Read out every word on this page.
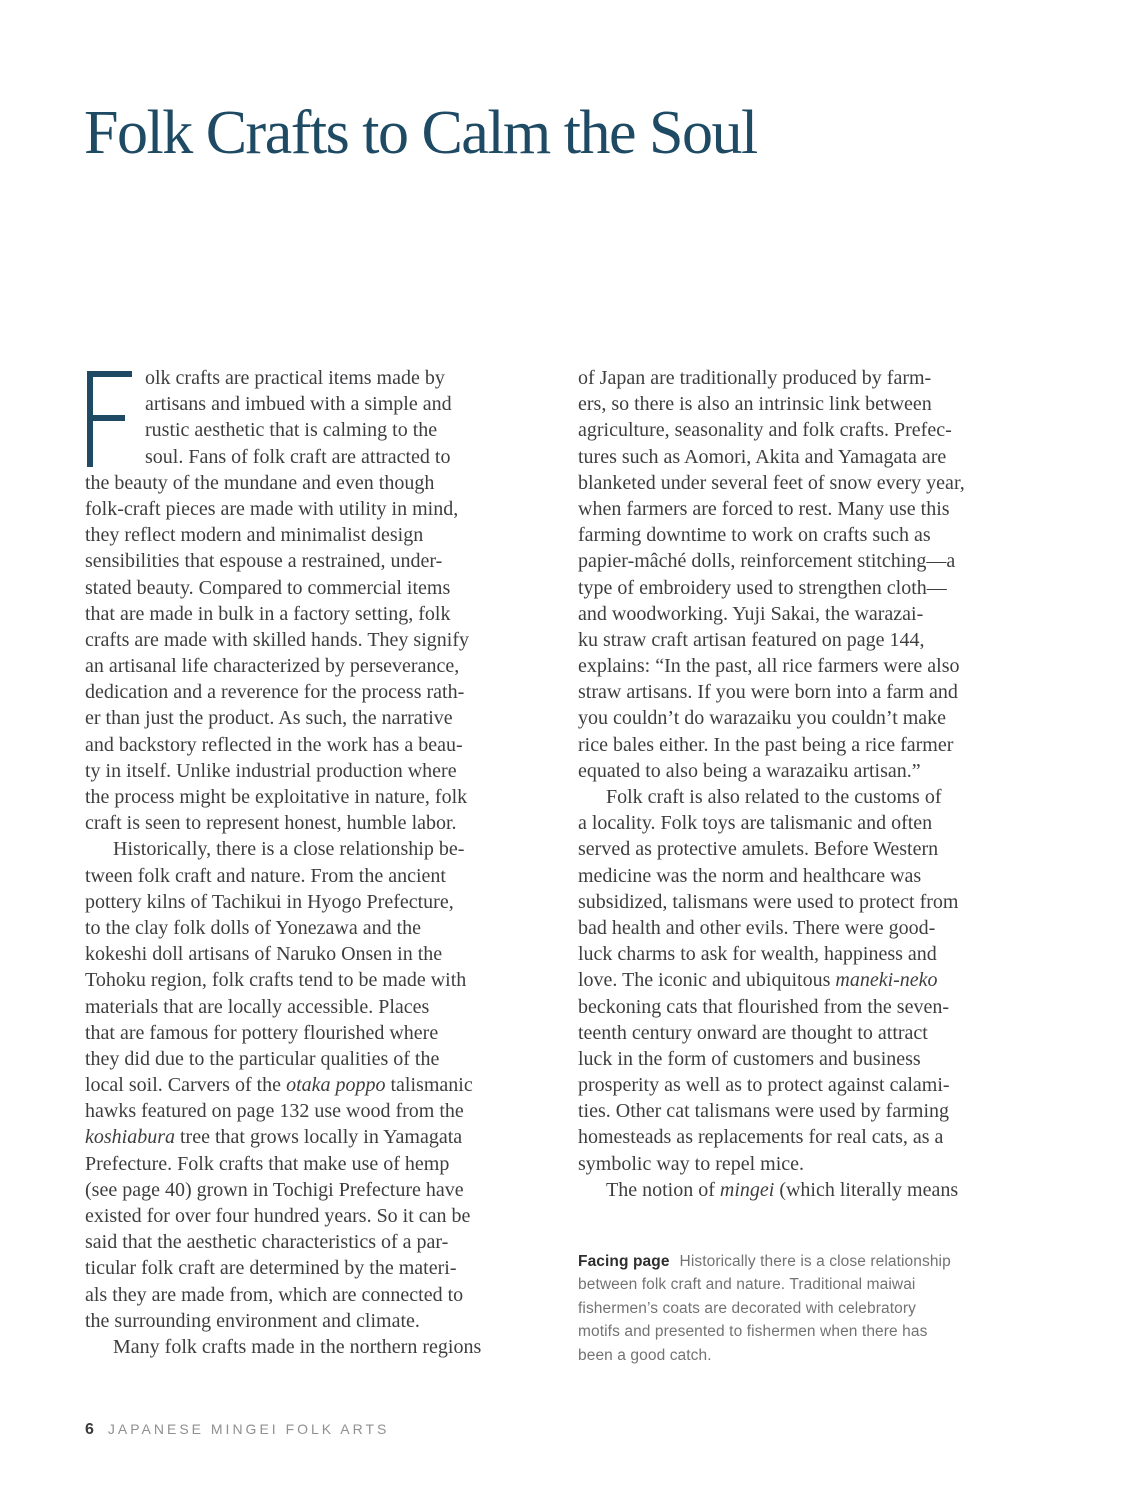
Folk Crafts to Calm the Soul
olk crafts are practical items made by
artisans and imbued with a simple and
rustic aesthetic that is calming to the
soul. Fans of folk craft are attracted to
the beauty of the mundane and even though
folk-craft pieces are made with utility in mind,
they reflect modern and minimalist design
sensibilities that espouse a restrained, under-
stated beauty. Compared to commercial items
that are made in bulk in a factory setting, folk
crafts are made with skilled hands. They signify
an artisanal life characterized by perseverance,
dedication and a reverence for the process rath-
er than just the product. As such, the narrative
and backstory reflected in the work has a beau-
ty in itself. Unlike industrial production where
the process might be exploitative in nature, folk
craft is seen to represent honest, humble labor.
Historically, there is a close relationship be-
tween folk craft and nature. From the ancient
pottery kilns of Tachikui in Hyogo Prefecture,
to the clay folk dolls of Yonezawa and the
kokeshi doll artisans of Naruko Onsen in the
Tohoku region, folk crafts tend to be made with
materials that are locally accessible. Places
that are famous for pottery flourished where
they did due to the particular qualities of the
local soil. Carvers of the otaka poppo talismanic
hawks featured on page 132 use wood from the
koshiabura tree that grows locally in Yamagata
Prefecture. Folk crafts that make use of hemp
(see page 40) grown in Tochigi Prefecture have
existed for over four hundred years. So it can be
said that the aesthetic characteristics of a par-
ticular folk craft are determined by the materi-
als they are made from, which are connected to
the surrounding environment and climate.
Many folk crafts made in the northern regions
of Japan are traditionally produced by farm-
ers, so there is also an intrinsic link between
agriculture, seasonality and folk crafts. Prefec-
tures such as Aomori, Akita and Yamagata are
blanketed under several feet of snow every year,
when farmers are forced to rest. Many use this
farming downtime to work on crafts such as
papier-mâché dolls, reinforcement stitching—a
type of embroidery used to strengthen cloth—
and woodworking. Yuji Sakai, the warazai-
ku straw craft artisan featured on page 144,
explains: “In the past, all rice farmers were also
straw artisans. If you were born into a farm and
you couldn’t do warazaiku you couldn’t make
rice bales either. In the past being a rice farmer
equated to also being a warazaiku artisan.”
Folk craft is also related to the customs of
a locality. Folk toys are talismanic and often
served as protective amulets. Before Western
medicine was the norm and healthcare was
subsidized, talismans were used to protect from
bad health and other evils. There were good-
luck charms to ask for wealth, happiness and
love. The iconic and ubiquitous maneki-neko
beckoning cats that flourished from the seven-
teenth century onward are thought to attract
luck in the form of customers and business
prosperity as well as to protect against calami-
ties. Other cat talismans were used by farming
homesteads as replacements for real cats, as a
symbolic way to repel mice.
The notion of mingei (which literally means
Facing page Historically there is a close relationship
between folk craft and nature. Traditional maiwai
fishermen’s coats are decorated with celebratory
motifs and presented to fishermen when there has
been a good catch.
6 JAPANESE MINGEI FOLK ARTS
